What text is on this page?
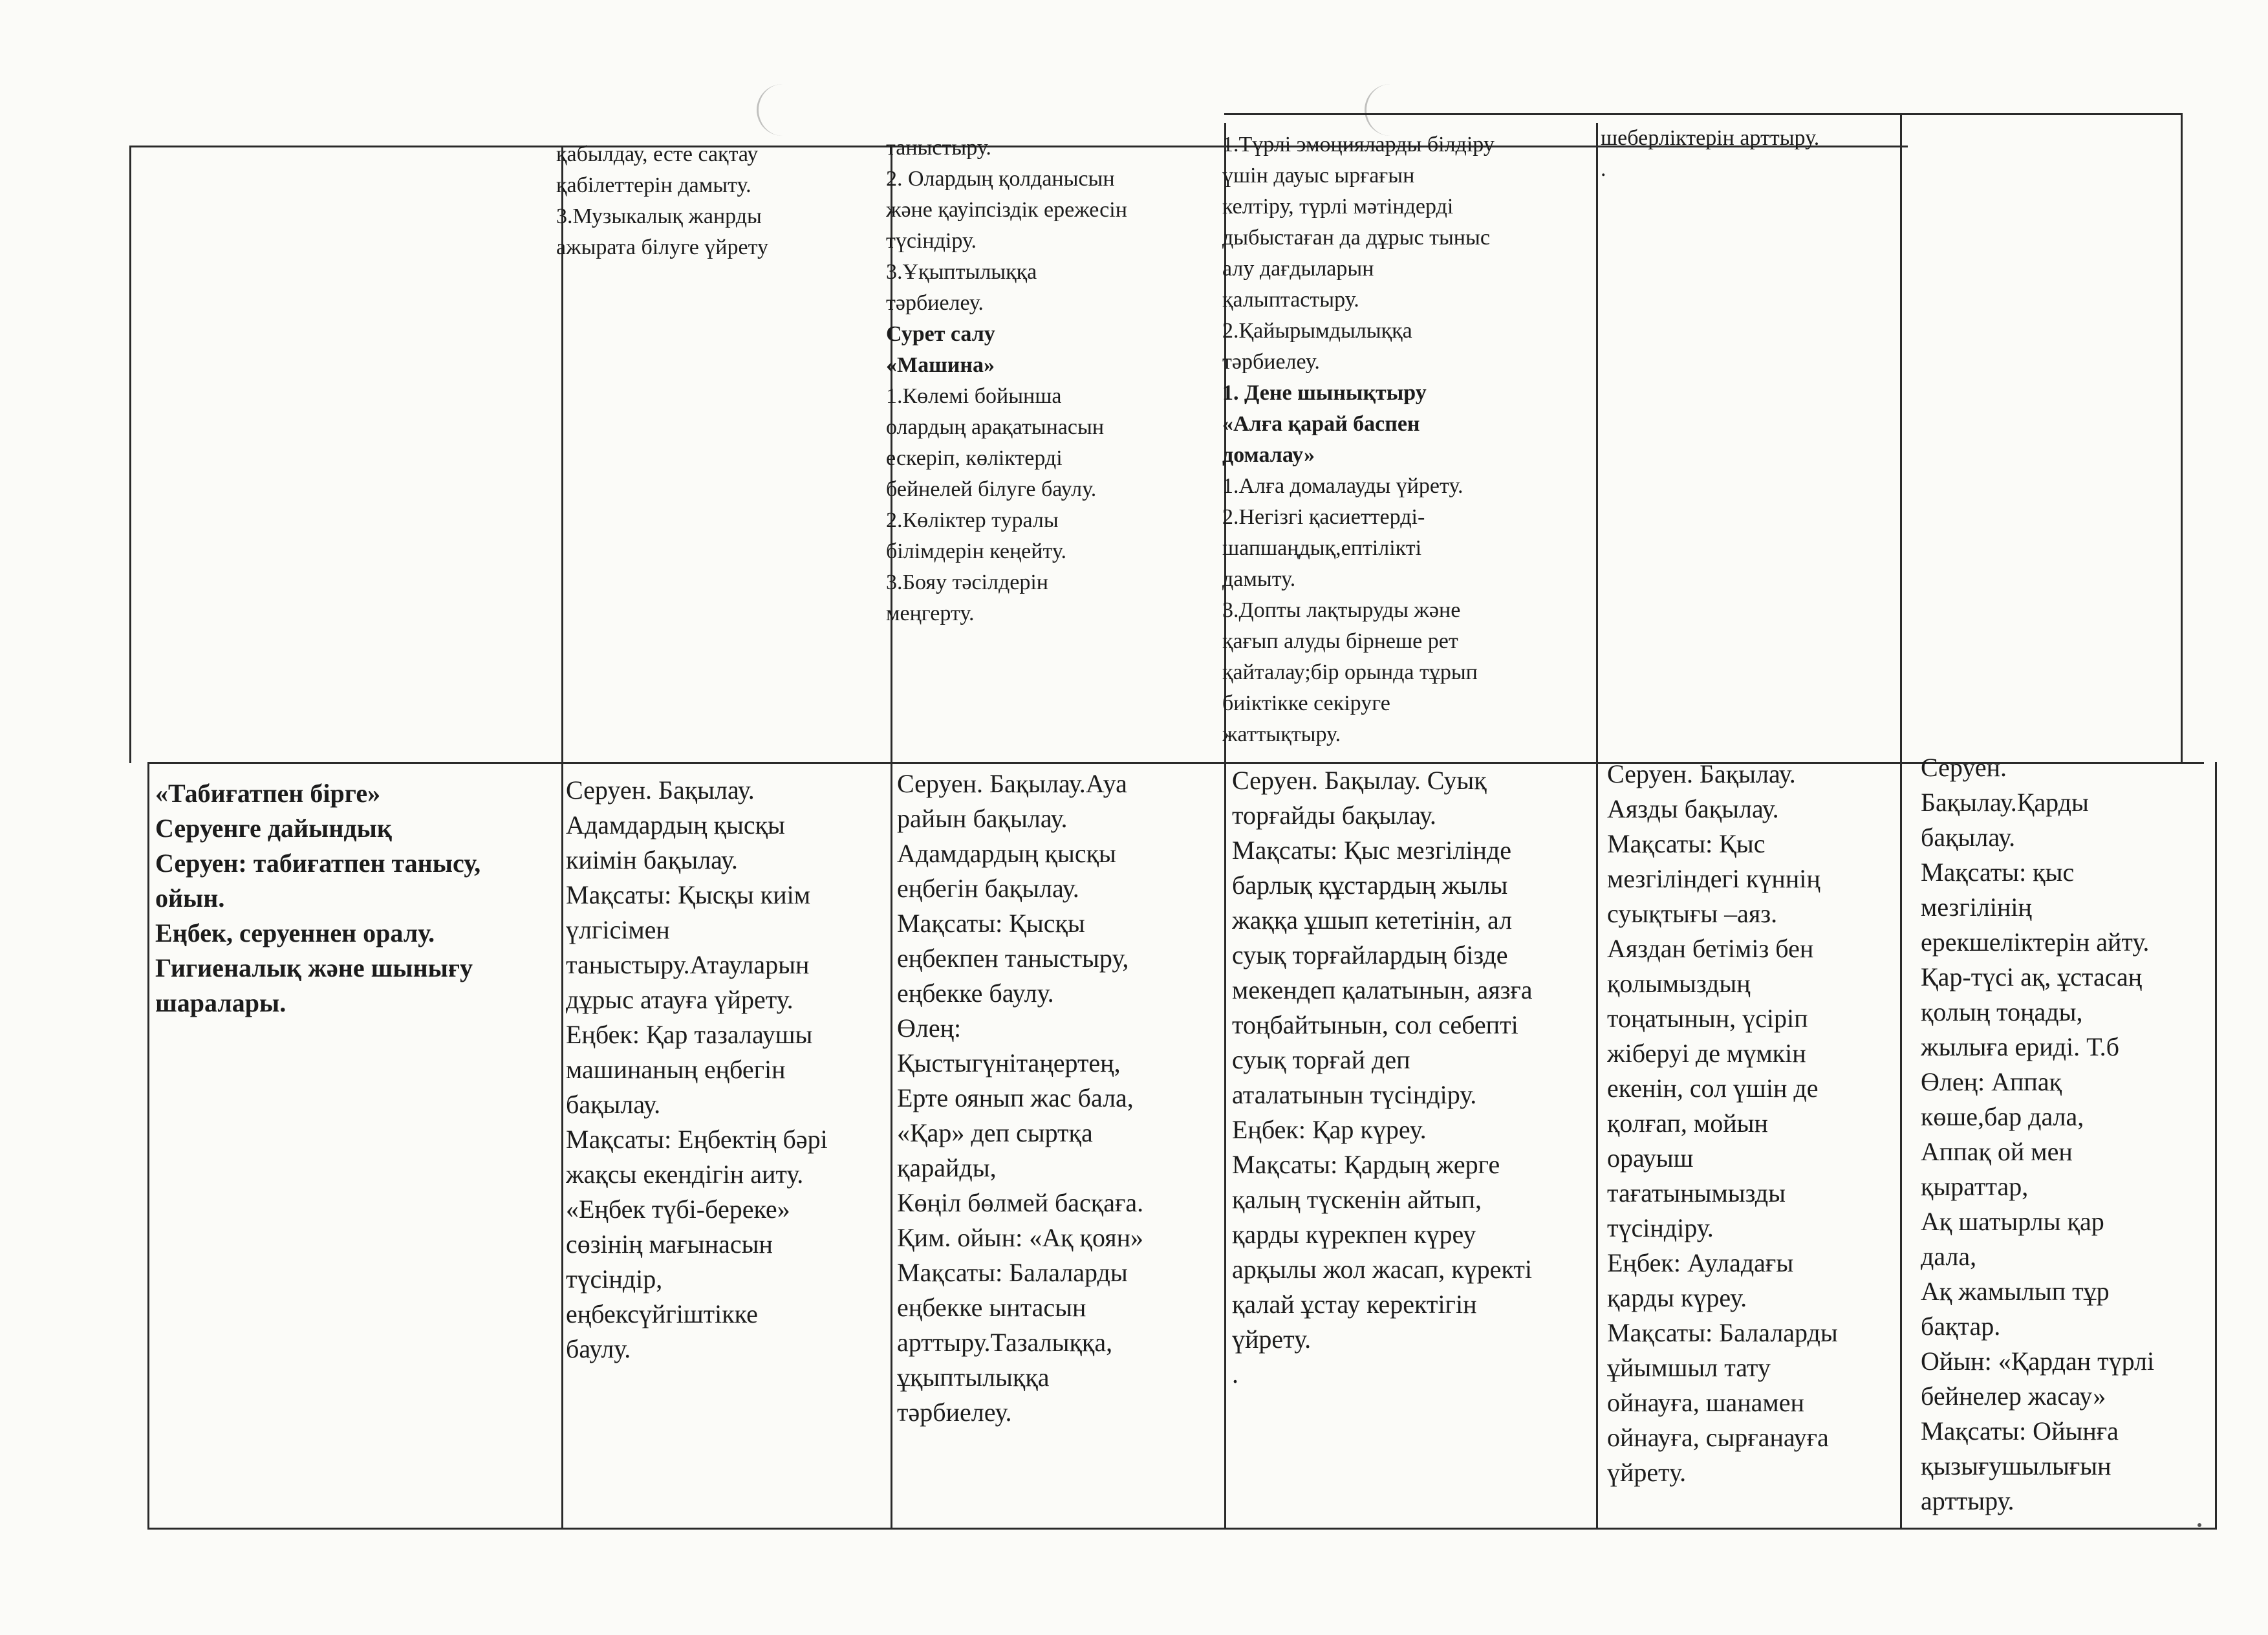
қабылдау, есте сақтау
қабілеттерін дамыту.
3.Музыкалық жанрды
ажырата білуге үйрету
таныстыру.
2. Олардың қолданысын
және қауіпсіздік ережесін
түсіндіру.
3.Ұқыптылыққа
тәрбиелеу.
Сурет салу
«Машина»
1.Көлемі бойынша
олардың арақатынасын
ескеріп, көліктерді
бейнелей білуге баулу.
2.Көліктер туралы
білімдерін кеңейту.
3.Бояу тәсілдерін
меңгерту.
1.Түрлі эмоцияларды білдіру
үшін дауыс ырғағын
келтіру, түрлі мәтіндерді
дыбыстаған да дұрыс тыныс
алу дағдыларын
қалыптастыру.
2.Қайырымдылыққа
тәрбиелеу.
1. Дене шынықтыру
«Алға қарай баспен
домалау»
1.Алға домалауды үйрету.
2.Негізгі қасиеттерді-
шапшаңдық,ептілікті
дамыту.
3.Допты лақтыруды және
қағып алуды бірнеше рет
қайталау;бір орында тұрып
биіктікке секіруге
жаттықтыру.
шеберліктерін арттыру.
.
«Табиғатпен бірге»
Серуенге дайындық
Серуен: табиғатпен танысу,
ойын.
Еңбек, серуеннен оралу.
Гигиеналық және шынығу
шаралары.
Серуен. Бақылау.
Адамдардың қысқы
киімін бақылау.
Мақсаты: Қысқы киім
үлгісімен
таныстыру.Атауларын
дұрыс атауға үйрету.
Еңбек: Қар тазалаушы
машинаның еңбегін
бақылау.
Мақсаты: Еңбектің бәрі
жақсы екендігін аиту.
«Еңбек түбі-береке»
сөзінің мағынасын
түсіндір,
еңбексүйгіштікке
баулу.
Серуен. Бақылау.Ауа
райын бақылау.
Адамдардың қысқы
еңбегін бақылау.
Мақсаты: Қысқы
еңбекпен таныстыру,
еңбекке баулу.
Өлең:
Қыстыгүнітаңертең,
Ерте оянып жас бала,
«Қар» деп сыртқа
қарайды,
Көңіл бөлмей басқаға.
Қим. ойын: «Ақ қоян»
Мақсаты: Балаларды
еңбекке ынтасын
арттыру.Тазалыққа,
ұқыптылыққа
тәрбиелеу.
Серуен. Бақылау. Суық
торғайды бақылау.
Мақсаты: Қыс мезгілінде
барлық құстардың жылы
жаққа ұшып кететінін, ал
суық торғайлардың бізде
мекендеп қалатынын, аязға
тоңбайтынын, сол себепті
суық торғай деп
аталатынын түсіндіру.
Еңбек: Қар күреу.
Мақсаты: Қардың жерге
қалың түскенін айтып,
қарды күрекпен күреу
арқылы жол жасап, күректі
қалай ұстау керектігін
үйрету.
.
Серуен. Бақылау.
Аязды бақылау.
Мақсаты: Қыс
мезгіліндегі күннің
суықтығы –аяз.
Аяздан бетіміз бен
қолымыздың
тоңатынын, үсіріп
жіберуі де мүмкін
екенін, сол үшін де
қолғап, мойын
орауыш
тағатынымызды
түсіндіру.
Еңбек: Ауладағы
қарды күреу.
Мақсаты: Балаларды
ұйымшыл тату
ойнауға, шанамен
ойнауға, сырғанауға
үйрету.
Серуен.
Бақылау.Қарды
бақылау.
Мақсаты: қыс
мезгілінің
ерекшеліктерін айту.
Қар-түсі ақ, ұстасаң
қолың тоңады,
жылыға ериді. Т.б
Өлең: Аппақ
көше,бар дала,
Аппақ ой мен
қыраттар,
Ақ шатырлы қар
дала,
Ақ жамылып тұр
бақтар.
Ойын: «Қардан түрлі
бейнелер жасау»
Мақсаты: Ойынға
қызығушылығын
арттыру.
